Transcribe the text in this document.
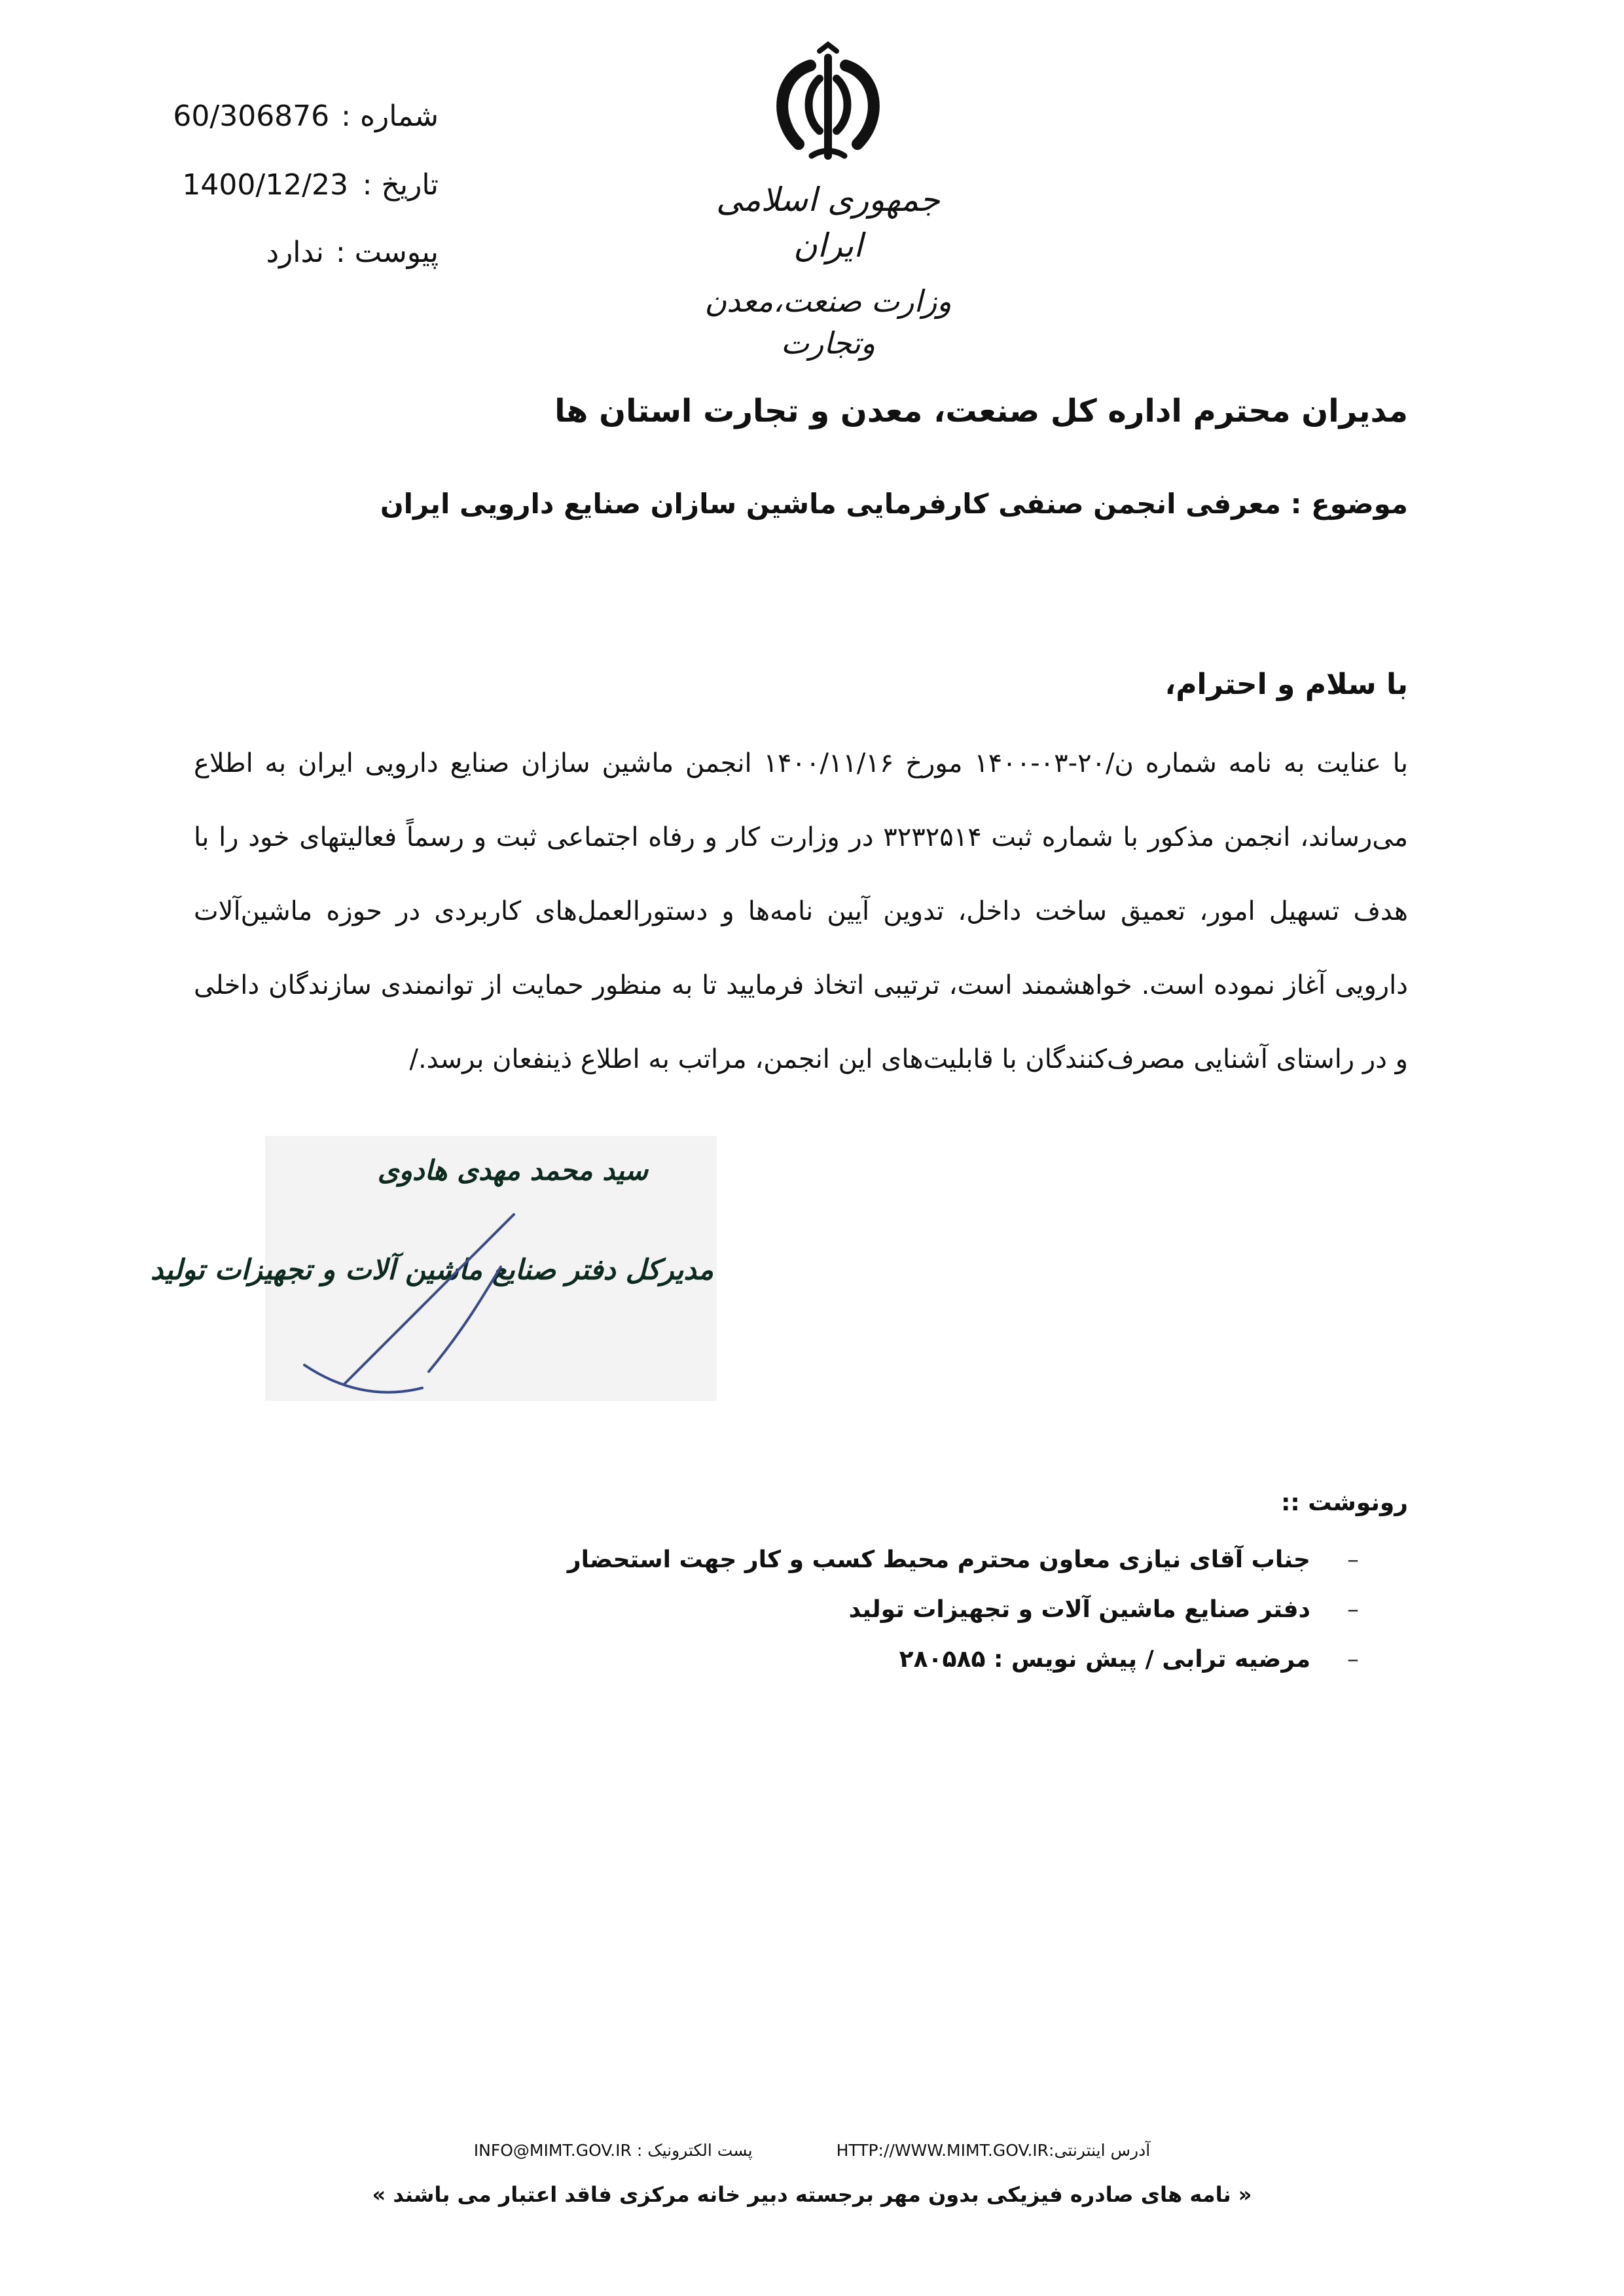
شماره :
60/306876
تاریخ :
1400/12/23
پیوست :
ندارد
جمهوری اسلامی ایران
وزارت صنعت،معدن وتجارت
مدیران محترم اداره کل صنعت، معدن و تجارت استان ها
موضوع : معرفی انجمن صنفی کارفرمایی ماشین سازان صنایع دارویی ایران
با سلام و احترام،
با عنایت به نامه شماره ن/۲۰-۰۳-۱۴۰۰ مورخ ۱۴۰۰/۱۱/۱۶ انجمن ماشین سازان صنایع دارویی ایران به اطلاع می‌رساند، انجمن مذکور با شماره ثبت ۳۲۳۲۵۱۴ در وزارت کار و رفاه اجتماعی ثبت و رسماً فعالیتهای خود را با هدف تسهیل امور، تعمیق ساخت داخل، تدوین آیین نامه‌ها و دستورالعمل‌های کاربردی در حوزه ماشین‌آلات دارویی آغاز نموده است. خواهشمند است، ترتیبی اتخاذ فرمایید تا به منظور حمایت از توانمندی سازندگان داخلی و در راستای آشنایی مصرف‌کنندگان با قابلیت‌های این انجمن، مراتب به اطلاع ذینفعان برسد./
سید محمد مهدی هادوی
مدیرکل دفتر صنایع ماشین آلات و تجهیزات تولید
رونوشت ::
–
جناب آقای نیازی معاون محترم محیط کسب و کار جهت استحضار
–
دفتر صنایع ماشین آلات و تجهیزات تولید
–
مرضیه ترابی / پیش نویس : ۲۸۰۵۸۵
آدرس اینترنتی:HTTP://WWW.MIMT.GOV.IR پست الکترونیک : INFO@MIMT.GOV.IR
« نامه های صادره فیزیکی بدون مهر برجسته دبیر خانه مرکزی فاقد اعتبار می باشند »
